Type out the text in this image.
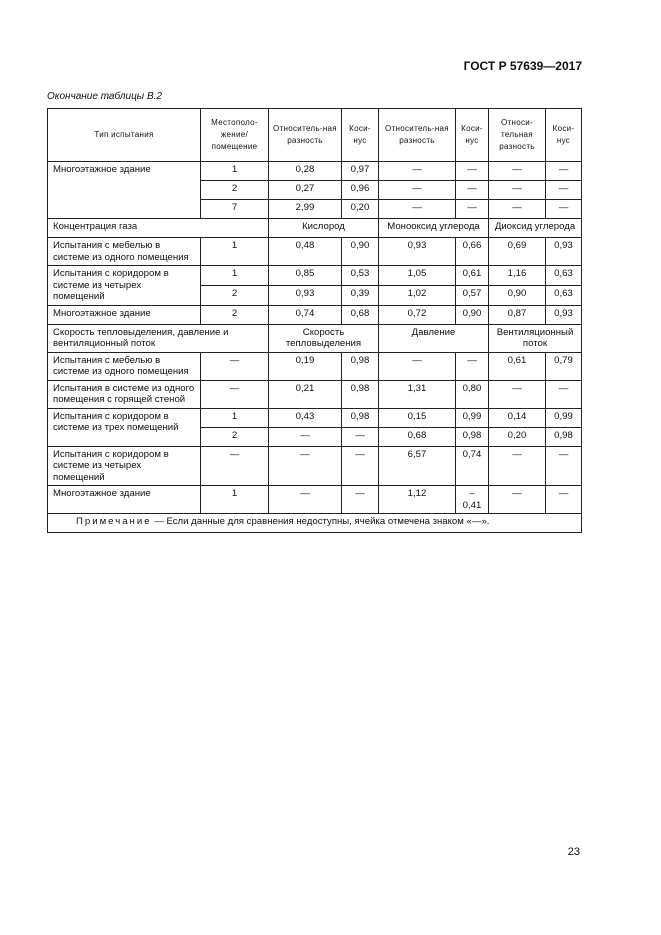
ГОСТ Р 57639—2017
Окончание таблицы В.2
Тип испытания	Местополо-жение/помещение	Относитель-ная разность	Коси-нус	Относитель-ная разность	Коси-нус	Относи-тельная разность	Коси-нус
Многоэтажное здание	1	0,28	0,97	—	—	—	—
	2	0,27	0,96	—	—	—	—
	7	2,99	0,20	—	—	—	—
Концентрация газа		Кислород		Монооксид углерода		Диоксид углерода	
Испытания с мебелью в системе из одного помещения	1	0,48	0,90	0,93	0,66	0,69	0,93
Испытания с коридором в системе из четырех помещений	1	0,85	0,53	1,05	0,61	1,16	0,63
	2	0,93	0,39	1,02	0,57	0,90	0,63
Многоэтажное здание	2	0,74	0,68	0,72	0,90	0,87	0,93
Скорость тепловыделения, давление и вентиляционный поток		Скорость тепловыделения		Давление		Вентиляционный поток	
Испытания с мебелью в системе из одного помещения	—	0,19	0,98	—	—	0,61	0,79
Испытания в системе из одного помещения с горящей стеной	—	0,21	0,98	1,31	0,80	—	—
Испытания с коридором в системе из трех помещений	1	0,43	0,98	0,15	0,99	0,14	0,99
	2	—	—	0,68	0,98	0,20	0,98
Испытания с коридором в системе из четырех помещений	—	—	—	6,57	0,74	—	—
Многоэтажное здание	1	—	—	1,12	–0,41	—	—
Примечание — Если данные для сравнения недоступны, ячейка отмечена знаком «—».							
23
